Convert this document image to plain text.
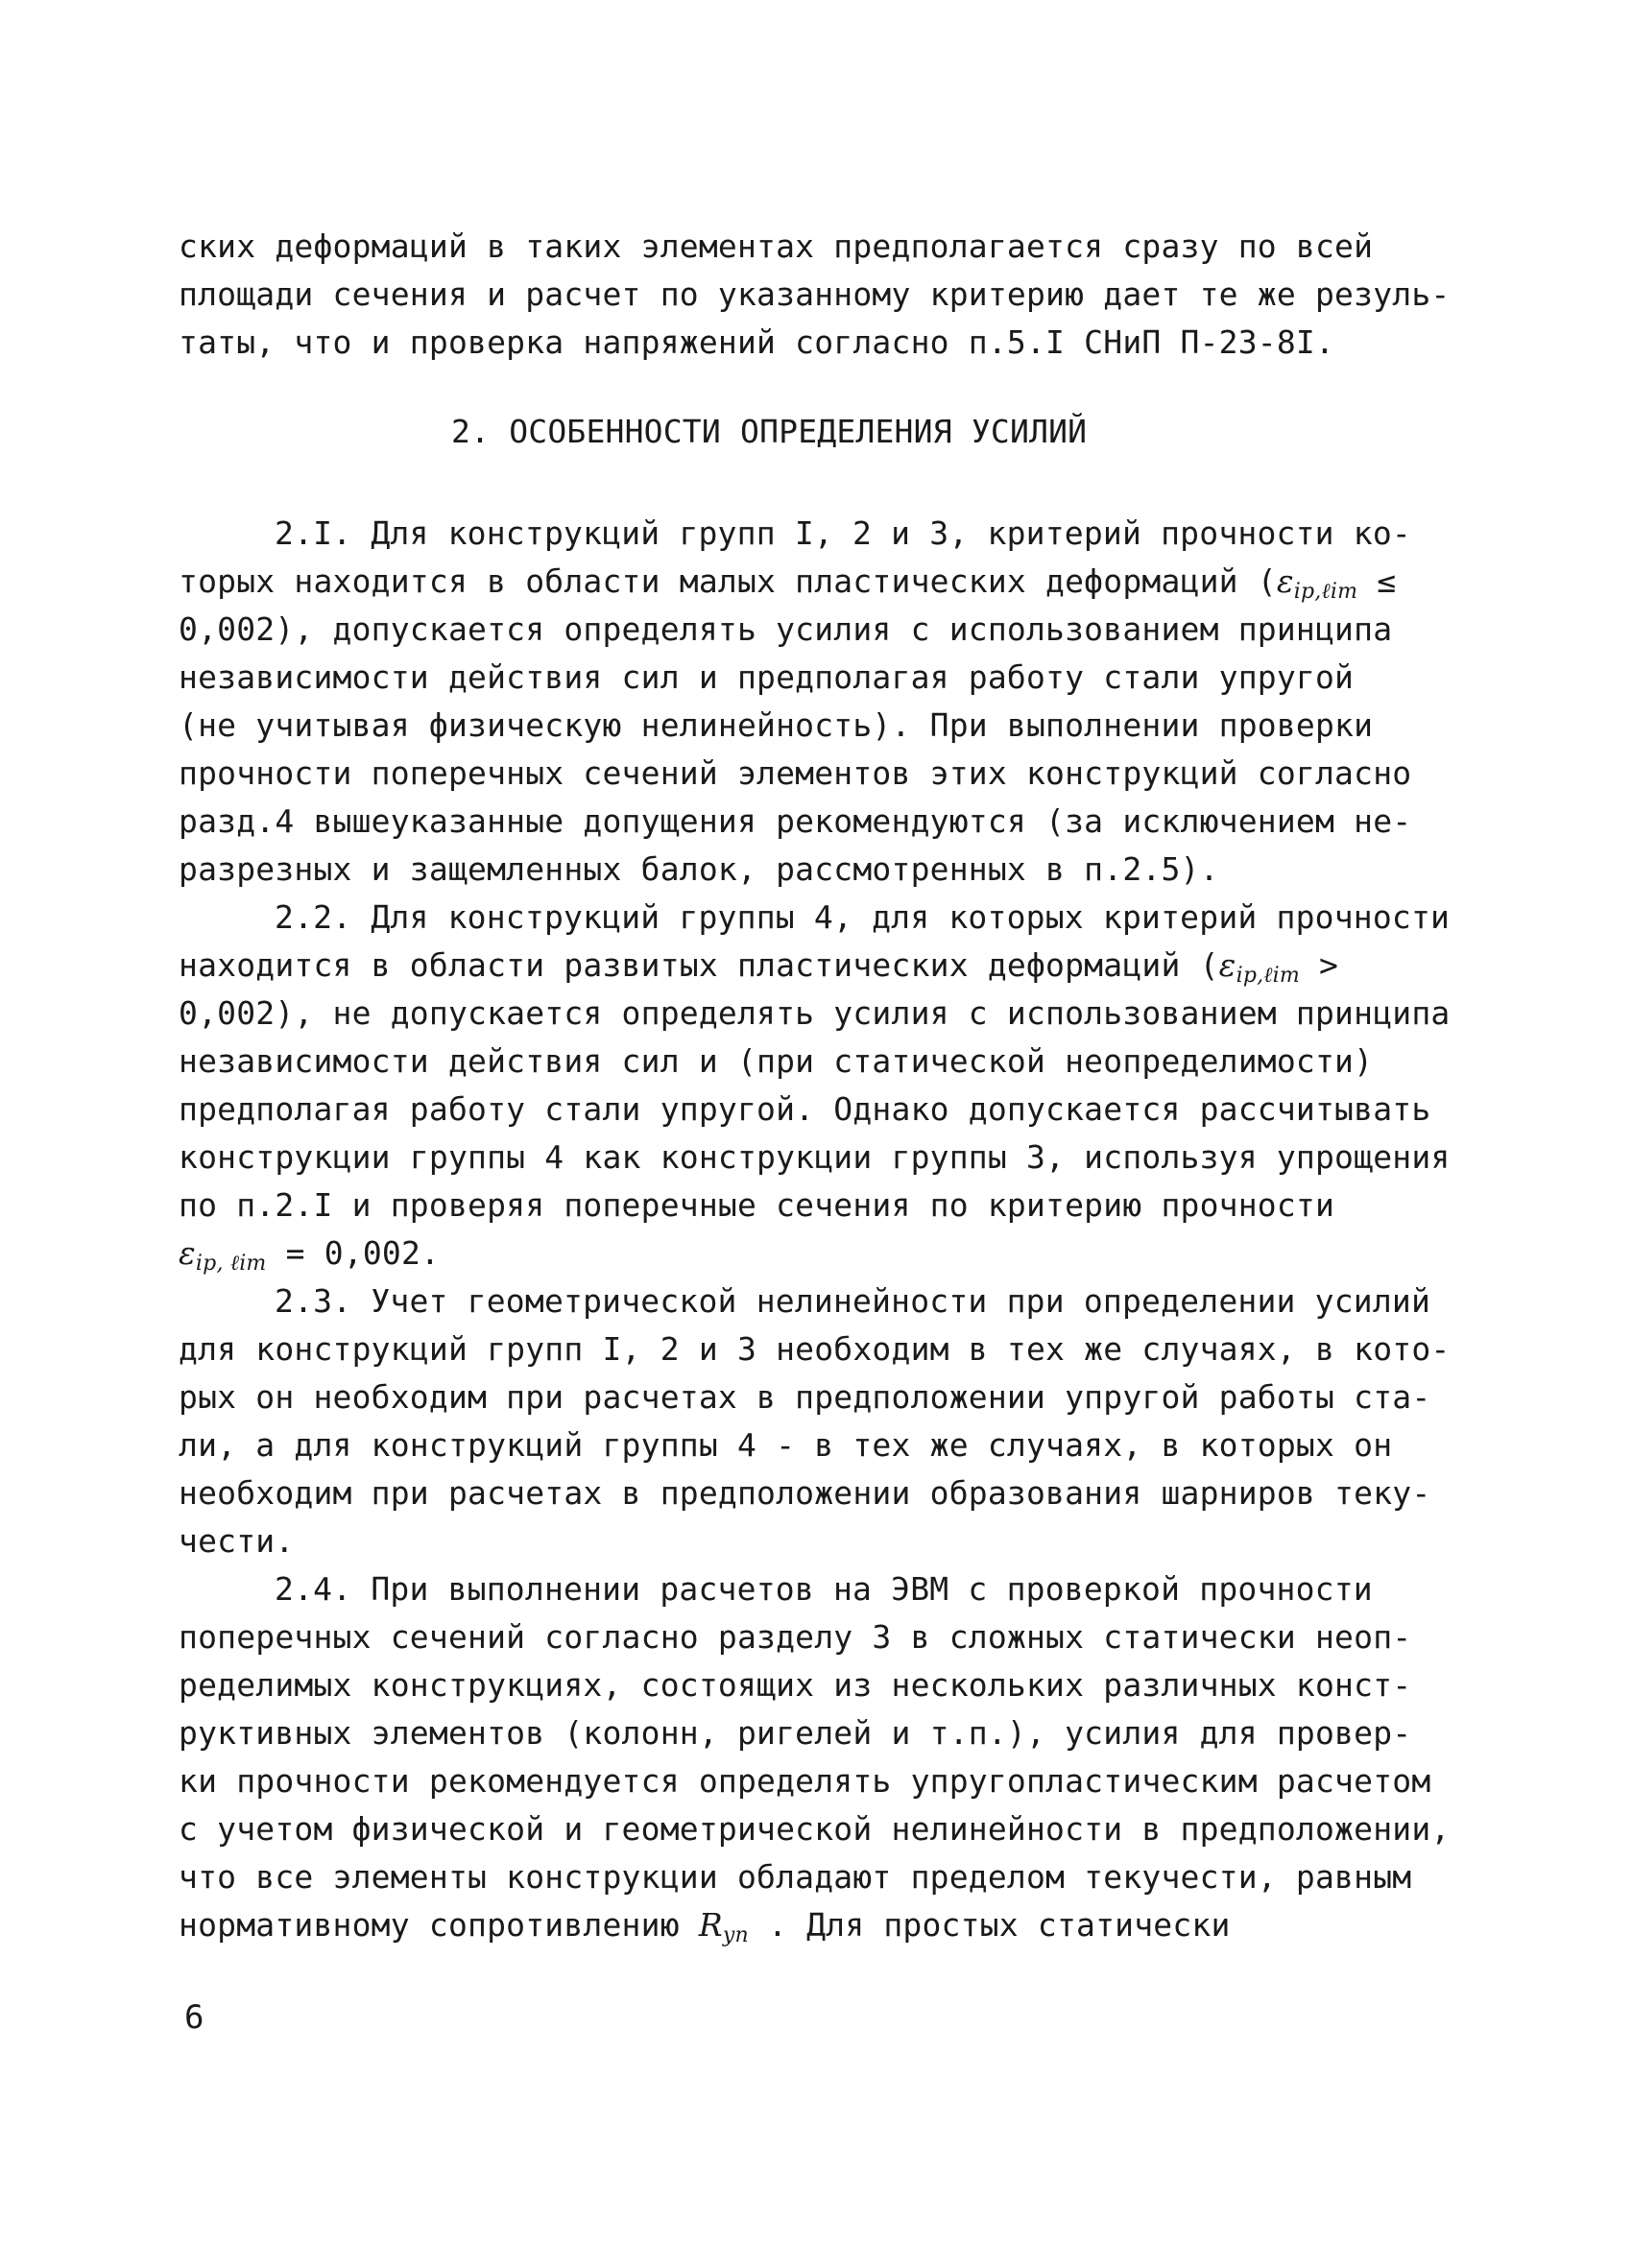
ских деформаций в таких элементах предполагается сразу по всей
площади сечения и расчет по указанному критерию дает те же резуль-
таты, что и проверка напряжений согласно п.5.I СНиП П-23-8I.
2. ОСОБЕННОСТИ ОПРЕДЕЛЕНИЯ УСИЛИЙ
2.I. Для конструкций групп I, 2 и 3, критерий прочности ко-
торых находится в области малых пластических деформаций ($\varepsilon_{ip,\ell im}$ ≤
0,002), допускается определять усилия с использованием принципа
независимости действия сил и предполагая работу стали упругой
(не учитывая физическую нелинейность). При выполнении проверки
прочности поперечных сечений элементов этих конструкций согласно
разд.4 вышеуказанные допущения рекомендуются (за исключением не-
разрезных и защемленных балок, рассмотренных в п.2.5).
2.2. Для конструкций группы 4, для которых критерий прочности
находится в области развитых пластических деформаций ($\varepsilon_{ip,\ell im}$ >
0,002), не допускается определять усилия с использованием принципа
независимости действия сил и (при статической неопределимости)
предполагая работу стали упругой. Однако допускается рассчитывать
конструкции группы 4 как конструкции группы 3, используя упрощения
по п.2.I и проверяя поперечные сечения по критерию прочности
$\varepsilon_{ip, \ell im} = 0,002$.
2.3. Учет геометрической нелинейности при определении усилий
для конструкций групп I, 2 и 3 необходим в тех же случаях, в кото-
рых он необходим при расчетах в предположении упругой работы ста-
ли, а для конструкций группы 4 - в тех же случаях, в которых он
необходим при расчетах в предположении образования шарниров теку-
чести.
2.4. При выполнении расчетов на ЭВМ с проверкой прочности
поперечных сечений согласно разделу 3 в сложных статически неоп-
ределимых конструкциях, состоящих из нескольких различных конст-
руктивных элементов (колонн, ригелей и т.п.), усилия для провер-
ки прочности рекомендуется определять упругопластическим расчетом
с учетом физической и геометрической нелинейности в предположении,
что все элементы конструкции обладают пределом текучести, равным
нормативному сопротивлению $R_{yn}$ . Для простых статически
6
